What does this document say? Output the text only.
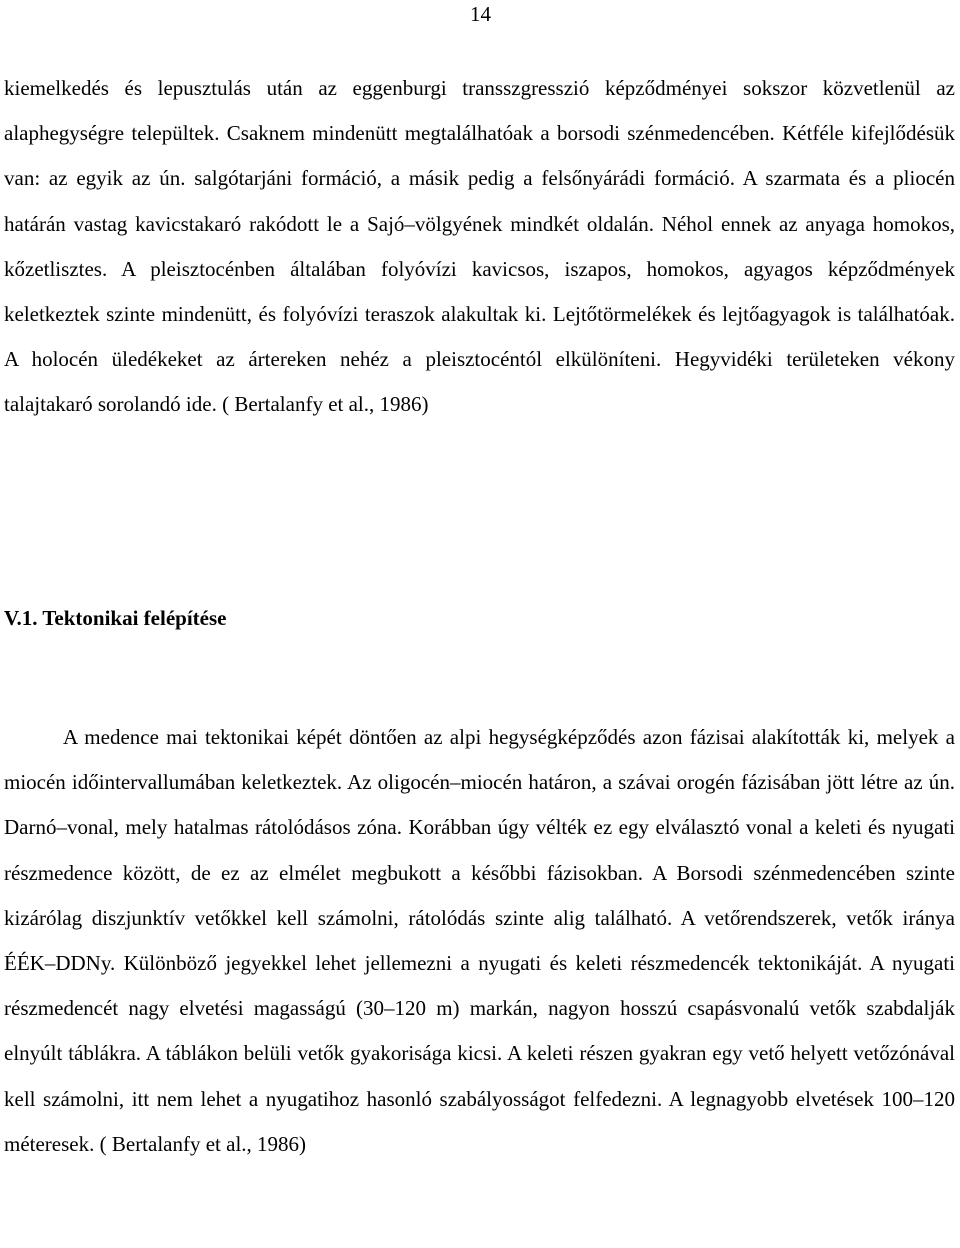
14
kiemelkedés és lepusztulás után az eggenburgi transszgresszió képződményei sokszor közvetlenül az alaphegységre települtek. Csaknem mindenütt megtalálhatóak a borsodi szénmedencében. Kétféle kifejlődésük van: az egyik az ún. salgótarjáni formáció, a másik pedig a felsőnyárádi formáció. A szarmata és a pliocén határán vastag kavicstakaró rakódott le a Sajó–völgyének mindkét oldalán. Néhol ennek az anyaga homokos, kőzetlisztes. A pleisztocénben általában folyóvízi kavicsos, iszapos, homokos, agyagos képződmények keletkeztek szinte mindenütt, és folyóvízi teraszok alakultak ki. Lejtőtörmelékek és lejtőagyagok is találhatóak. A holocén üledékeket az ártereken nehéz a pleisztocéntól elkülöníteni. Hegyvidéki területeken vékony talajtakaró sorolandó ide. ( Bertalanfy et al., 1986)
V.1. Tektonikai felépítése
A medence mai tektonikai képét döntően az alpi hegységképződés azon fázisai alakították ki, melyek a miocén időintervallumában keletkeztek. Az oligocén–miocén határon, a szávai orogén fázisában jött létre az ún. Darnó–vonal, mely hatalmas rátolódásos zóna. Korábban úgy vélték ez egy elválasztó vonal a keleti és nyugati részmedence között, de ez az elmélet megbukott a későbbi fázisokban. A Borsodi szénmedencében szinte kizárólag diszjunktív vetőkkel kell számolni, rátolódás szinte alig található. A vetőrendszerek, vetők iránya ÉÉK–DDNy. Különböző jegyekkel lehet jellemezni a nyugati és keleti részmedencék tektonikáját. A nyugati részmedencét nagy elvetési magasságú (30–120 m) markán, nagyon hosszú csapásvonalú vetők szabdalják elnyúlt táblákra. A táblákon belüli vetők gyakorisága kicsi. A keleti részen gyakran egy vető helyett vetőzónával kell számolni, itt nem lehet a nyugatihoz hasonló szabályosságot felfedezni. A legnagyobb elvetések 100–120 méteresek. ( Bertalanfy et al., 1986)
